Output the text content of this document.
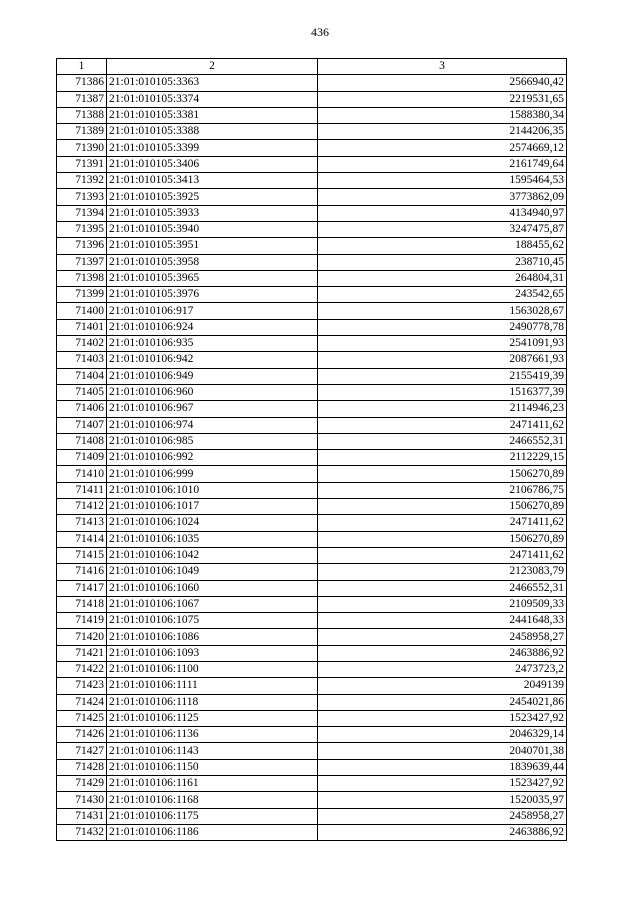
436
1	2	3
71386	21:01:010105:3363	2566940,42
71387	21:01:010105:3374	2219531,65
71388	21:01:010105:3381	1588380,34
71389	21:01:010105:3388	2144206,35
71390	21:01:010105:3399	2574669,12
71391	21:01:010105:3406	2161749,64
71392	21:01:010105:3413	1595464,53
71393	21:01:010105:3925	3773862,09
71394	21:01:010105:3933	4134940,97
71395	21:01:010105:3940	3247475,87
71396	21:01:010105:3951	188455,62
71397	21:01:010105:3958	238710,45
71398	21:01:010105:3965	264804,31
71399	21:01:010105:3976	243542,65
71400	21:01:010106:917	1563028,67
71401	21:01:010106:924	2490778,78
71402	21:01:010106:935	2541091,93
71403	21:01:010106:942	2087661,93
71404	21:01:010106:949	2155419,39
71405	21:01:010106:960	1516377,39
71406	21:01:010106:967	2114946,23
71407	21:01:010106:974	2471411,62
71408	21:01:010106:985	2466552,31
71409	21:01:010106:992	2112229,15
71410	21:01:010106:999	1506270,89
71411	21:01:010106:1010	2106786,75
71412	21:01:010106:1017	1506270,89
71413	21:01:010106:1024	2471411,62
71414	21:01:010106:1035	1506270,89
71415	21:01:010106:1042	2471411,62
71416	21:01:010106:1049	2123083,79
71417	21:01:010106:1060	2466552,31
71418	21:01:010106:1067	2109509,33
71419	21:01:010106:1075	2441648,33
71420	21:01:010106:1086	2458958,27
71421	21:01:010106:1093	2463886,92
71422	21:01:010106:1100	2473723,2
71423	21:01:010106:1111	2049139
71424	21:01:010106:1118	2454021,86
71425	21:01:010106:1125	1523427,92
71426	21:01:010106:1136	2046329,14
71427	21:01:010106:1143	2040701,38
71428	21:01:010106:1150	1839639,44
71429	21:01:010106:1161	1523427,92
71430	21:01:010106:1168	1520035,97
71431	21:01:010106:1175	2458958,27
71432	21:01:010106:1186	2463886,92
